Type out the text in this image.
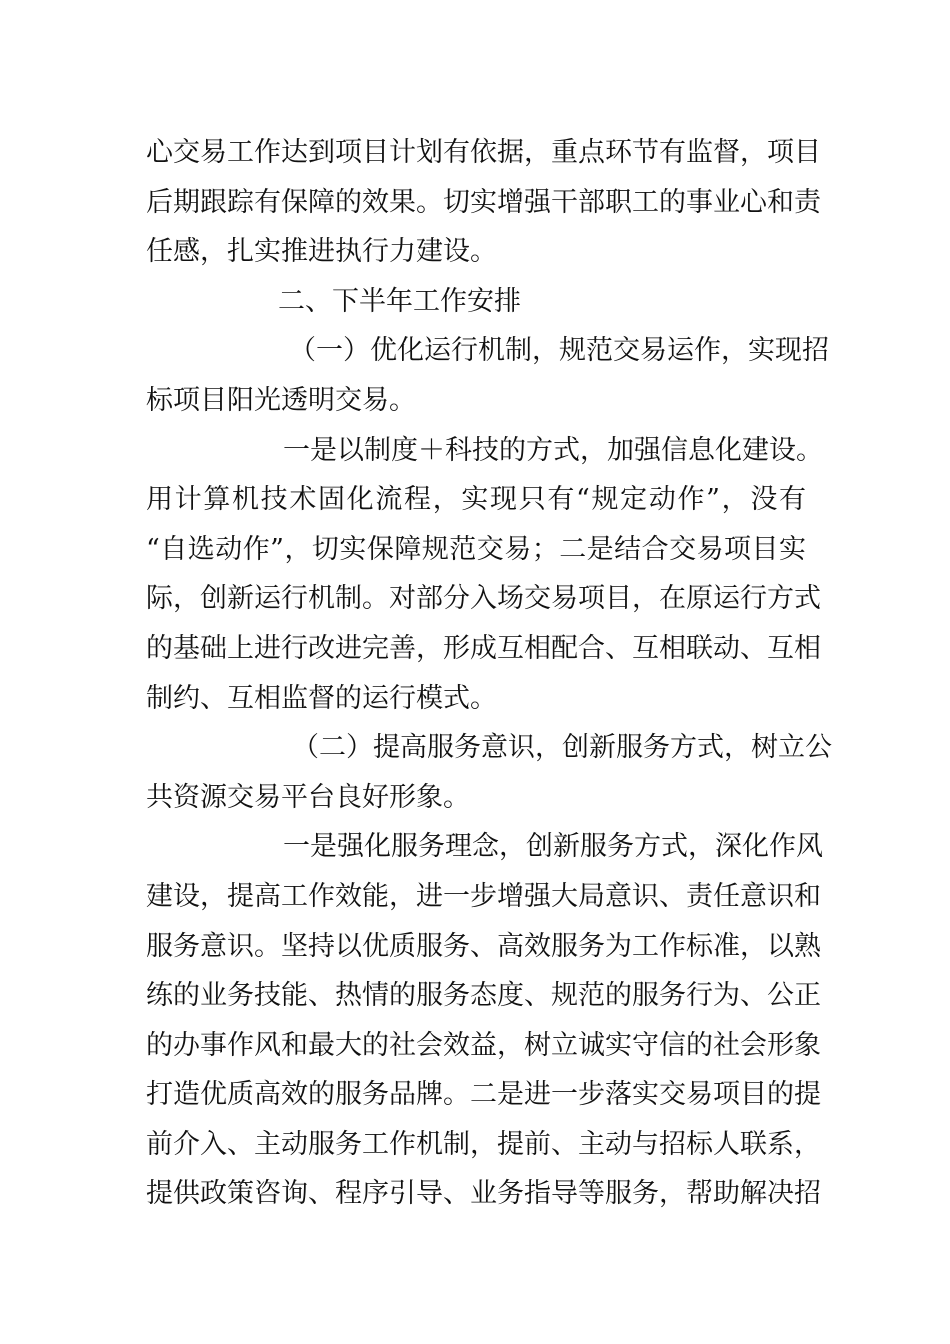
心交易工作达到项目计划有依据，重点环节有监督，项目
后期跟踪有保障的效果。切实增强干部职工的事业心和责
任感，扎实推进执行力建设。
二、下半年工作安排
（一）优化运行机制，规范交易运作，实现招
标项目阳光透明交易。
一是以制度＋科技的方式，加强信息化建设。
用计算机技术固化流程，实现只有“规定动作”，没有
“自选动作”，切实保障规范交易；二是结合交易项目实
际，创新运行机制。对部分入场交易项目，在原运行方式
的基础上进行改进完善，形成互相配合、互相联动、互相
制约、互相监督的运行模式。
（二）提高服务意识，创新服务方式，树立公
共资源交易平台良好形象。
一是强化服务理念，创新服务方式，深化作风
建设，提高工作效能，进一步增强大局意识、责任意识和
服务意识。坚持以优质服务、高效服务为工作标准，以熟
练的业务技能、热情的服务态度、规范的服务行为、公正
的办事作风和最大的社会效益，树立诚实守信的社会形象
打造优质高效的服务品牌。二是进一步落实交易项目的提
前介入、主动服务工作机制，提前、主动与招标人联系，
提供政策咨询、程序引导、业务指导等服务，帮助解决招
